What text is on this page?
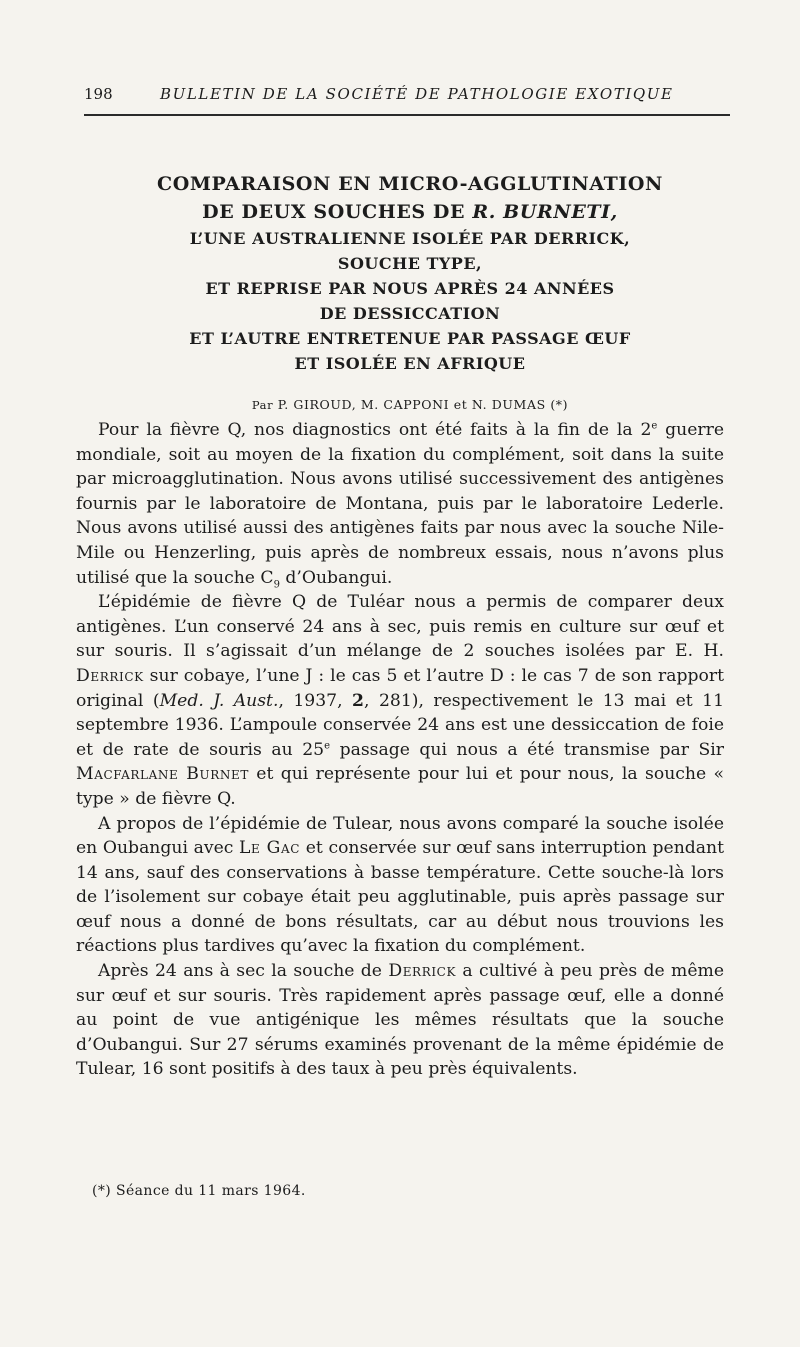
198	BULLETIN DE LA SOCIÉTÉ DE PATHOLOGIE EXOTIQUE
COMPARAISON EN MICRO-AGGLUTINATION
DE DEUX SOUCHES DE R. BURNETI,
L’UNE AUSTRALIENNE ISOLÉE PAR DERRICK,
SOUCHE TYPE,
ET REPRISE PAR NOUS APRÈS 24 ANNÉES
DE DESSICCATION
ET L’AUTRE ENTRETENUE PAR PASSAGE ŒUF
ET ISOLÉE EN AFRIQUE
Par P. GIROUD, M. CAPPONI et N. DUMAS (*)

Pour la fièvre Q, nos diagnostics ont été faits à la fin de la 2e guerre mondiale, soit au moyen de la fixation du complément, soit dans la suite par microagglutination. Nous avons utilisé successivement des antigènes fournis par le laboratoire de Montana, puis par le laboratoire Lederle. Nous avons utilisé aussi des antigènes faits par nous avec la souche Nile-Mile ou Henzerling, puis après de nombreux essais, nous n’avons plus utilisé que la souche $C_9$ d’Oubangui.

L’épidémie de fièvre Q de Tuléar nous a permis de comparer deux antigènes. L’un conservé 24 ans à sec, puis remis en culture sur œuf et sur souris. Il s’agissait d’un mélange de 2 souches isolées par E. H. Derrick sur cobaye, l’une J : le cas 5 et l’autre D : le cas 7 de son rapport original (Med. J. Aust., 1937, 2, 281), respectivement le 13 mai et 11 septembre 1936. L’ampoule conservée 24 ans est une dessiccation de foie et de rate de souris au 25e passage qui nous a été transmise par Sir Macfarlane Burnet et qui représente pour lui et pour nous, la souche « type » de fièvre Q.

A propos de l’épidémie de Tulear, nous avons comparé la souche isolée en Oubangui avec Le Gac et conservée sur œuf sans interruption pendant 14 ans, sauf des conservations à basse température. Cette souche-là lors de l’isolement sur cobaye était peu agglutinable, puis après passage sur œuf nous a donné de bons résultats, car au début nous trouvions les réactions plus tardives qu’avec la fixation du complément.

Après 24 ans à sec la souche de Derrick a cultivé à peu près de même sur œuf et sur souris. Très rapidement après passage œuf, elle a donné au point de vue antigénique les mêmes résultats que la souche d’Oubangui. Sur 27 sérums examinés provenant de la même épidémie de Tulear, 16 sont positifs à des taux à peu près équivalents.

(*) Séance du 11 mars 1964.
